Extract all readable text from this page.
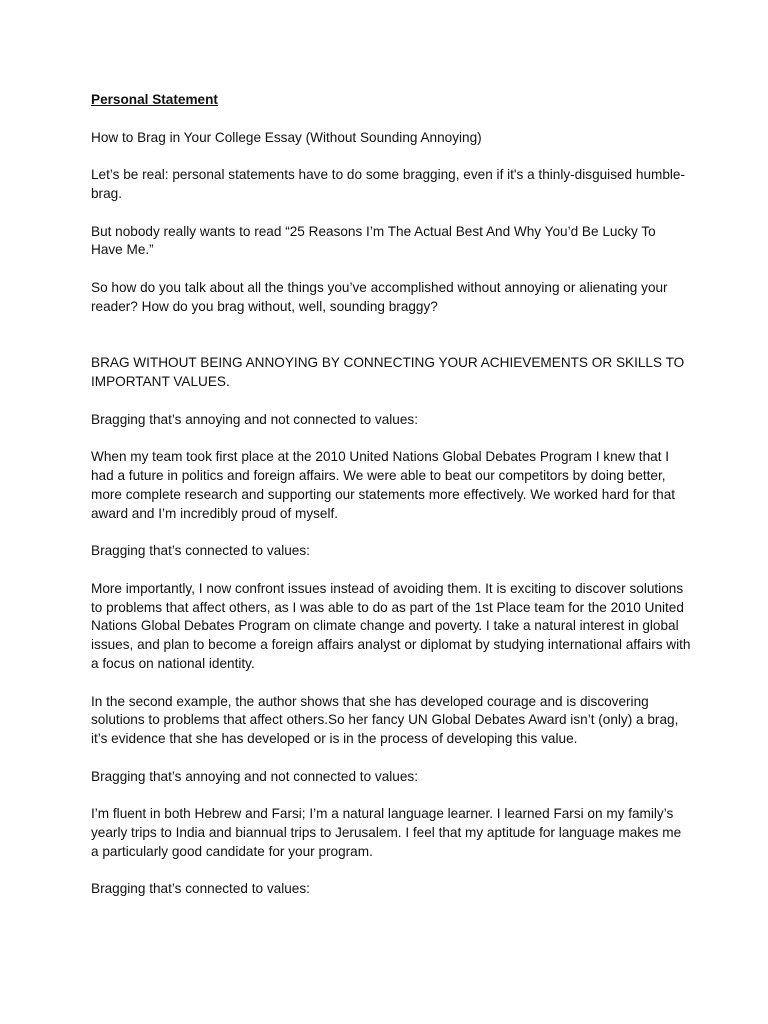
Personal Statement

How to Brag in Your College Essay (Without Sounding Annoying)

Let’s be real: personal statements have to do some bragging, even if it's a thinly-disguised humble-brag.

But nobody really wants to read “25 Reasons I’m The Actual Best And Why You’d Be Lucky To Have Me.”

So how do you talk about all the things you’ve accomplished without annoying or alienating your reader? How do you brag without, well, sounding braggy?

BRAG WITHOUT BEING ANNOYING BY CONNECTING YOUR ACHIEVEMENTS OR SKILLS TO IMPORTANT VALUES.

Bragging that’s annoying and not connected to values:

When my team took first place at the 2010 United Nations Global Debates Program I knew that I had a future in politics and foreign affairs. We were able to beat our competitors by doing better, more complete research and supporting our statements more effectively. We worked hard for that award and I’m incredibly proud of myself.

Bragging that’s connected to values:

More importantly, I now confront issues instead of avoiding them. It is exciting to discover solutions to problems that affect others, as I was able to do as part of the 1st Place team for the 2010 United Nations Global Debates Program on climate change and poverty. I take a natural interest in global issues, and plan to become a foreign affairs analyst or diplomat by studying international affairs with a focus on national identity.

In the second example, the author shows that she has developed courage and is discovering solutions to problems that affect others.So her fancy UN Global Debates Award isn’t (only) a brag, it’s evidence that she has developed or is in the process of developing this value.

Bragging that’s annoying and not connected to values:

I’m fluent in both Hebrew and Farsi; I’m a natural language learner. I learned Farsi on my family’s yearly trips to India and biannual trips to Jerusalem. I feel that my aptitude for language makes me a particularly good candidate for your program.

Bragging that’s connected to values:
